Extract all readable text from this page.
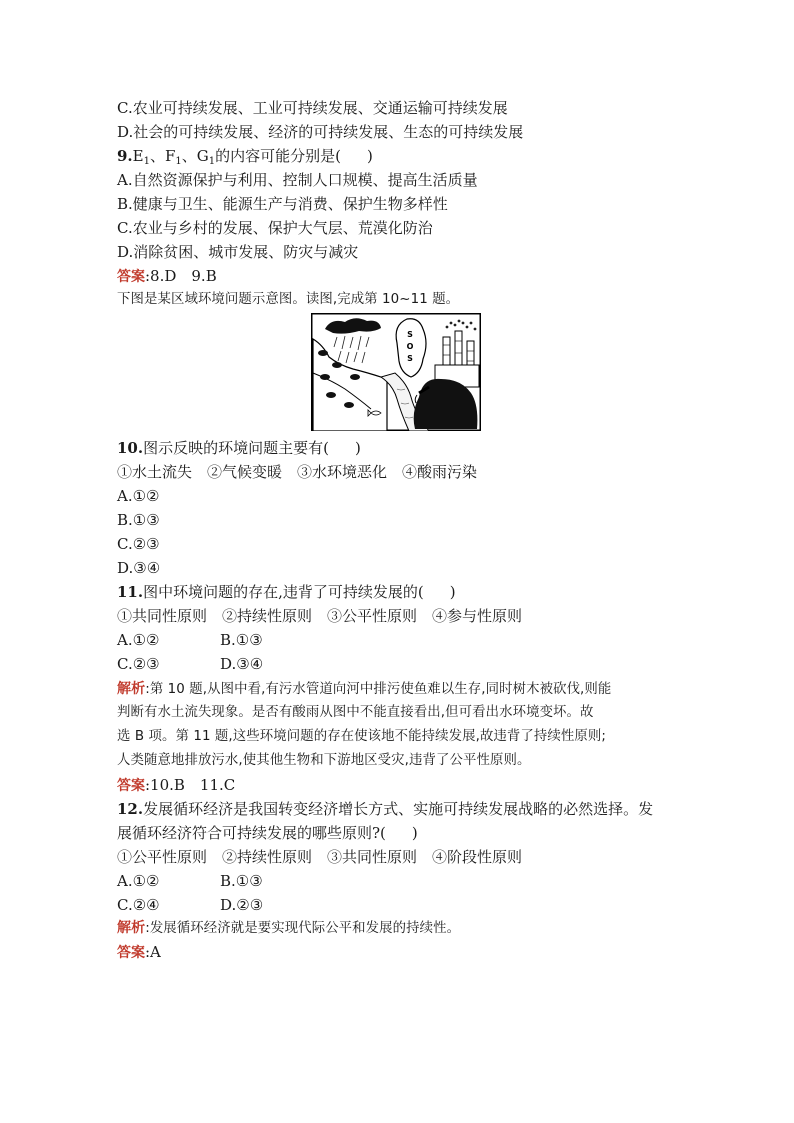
C.农业可持续发展、工业可持续发展、交通运输可持续发展
D.社会的可持续发展、经济的可持续发展、生态的可持续发展
$9.E_1$、$F_1$、$G_1$的内容可能分别是( )
A.自然资源保护与利用、控制人口规模、提高生活质量
B.健康与卫生、能源生产与消费、保护生物多样性
C.农业与乡村的发展、保护大气层、荒漠化防治
D.消除贫困、城市发展、防灾与减灾
答案:8.D　9.B
下图是某区域环境问题示意图。读图,完成第 10~11 题。
S
O
S
10.图示反映的环境问题主要有( )
①水土流失　②气候变暖　③水环境恶化　④酸雨污染
A.①②
B.①③
C.②③
D.③④
11.图中环境问题的存在,违背了可持续发展的( )
①共同性原则　②持续性原则　③公平性原则　④参与性原则
A.①②	B.①③
C.②③	D.③④
解析:第 10 题,从图中看,有污水管道向河中排污使鱼难以生存,同时树木被砍伐,则能
判断有水土流失现象。是否有酸雨从图中不能直接看出,但可看出水环境变坏。故
选 B 项。第 11 题,这些环境问题的存在使该地不能持续发展,故违背了持续性原则;
人类随意地排放污水,使其他生物和下游地区受灾,违背了公平性原则。
答案:10.B　11.C
12.发展循环经济是我国转变经济增长方式、实施可持续发展战略的必然选择。发
展循环经济符合可持续发展的哪些原则?( )
①公平性原则　②持续性原则　③共同性原则　④阶段性原则
A.①②	B.①③
C.②④	D.②③
解析:发展循环经济就是要实现代际公平和发展的持续性。
答案:A
